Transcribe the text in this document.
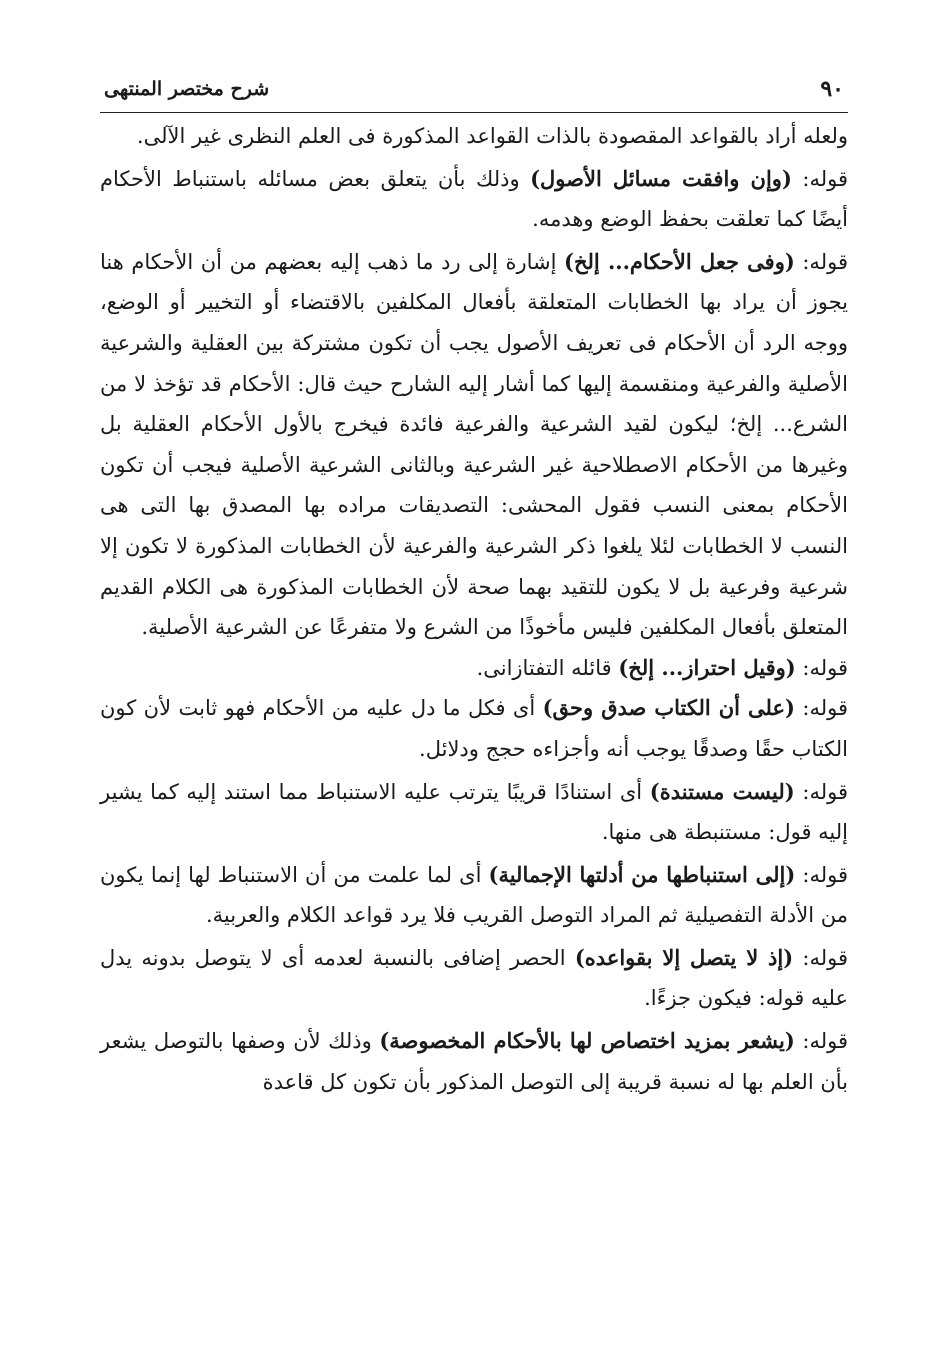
٩٠
شرح مختصر المنتهى

ولعله أراد بالقواعد المقصودة بالذات القواعد المذكورة فى العلم النظرى غير الآلى.

قوله: (وإن وافقت مسائل الأصول) وذلك بأن يتعلق بعض مسائله باستنباط الأحكام أيضًا كما تعلقت بحفظ الوضع وهدمه.

قوله: (وفى جعل الأحكام... إلخ) إشارة إلى رد ما ذهب إليه بعضهم من أن الأحكام هنا يجوز أن يراد بها الخطابات المتعلقة بأفعال المكلفين بالاقتضاء أو التخيير أو الوضع، ووجه الرد أن الأحكام فى تعريف الأصول يجب أن تكون مشتركة بين العقلية والشرعية الأصلية والفرعية ومنقسمة إليها كما أشار إليه الشارح حيث قال: الأحكام قد تؤخذ لا من الشرع... إلخ؛ ليكون لقيد الشرعية والفرعية فائدة فيخرج بالأول الأحكام العقلية بل وغيرها من الأحكام الاصطلاحية غير الشرعية وبالثانى الشرعية الأصلية فيجب أن تكون الأحكام بمعنى النسب فقول المحشى: التصديقات مراده بها المصدق بها التى هى النسب لا الخطابات لئلا يلغوا ذكر الشرعية والفرعية لأن الخطابات المذكورة لا تكون إلا شرعية وفرعية بل لا يكون للتقيد بهما صحة لأن الخطابات المذكورة هى الكلام القديم المتعلق بأفعال المكلفين فليس مأخوذًا من الشرع ولا متفرعًا عن الشرعية الأصلية.

قوله: (وقيل احتراز... إلخ) قائله التفتازانى.

قوله: (على أن الكتاب صدق وحق) أى فكل ما دل عليه من الأحكام فهو ثابت لأن كون الكتاب حقًا وصدقًا يوجب أنه وأجزاءه حجج ودلائل.

قوله: (ليست مستندة) أى استنادًا قريبًا يترتب عليه الاستنباط مما استند إليه كما يشير إليه قول: مستنبطة هى منها.

قوله: (إلى استنباطها من أدلتها الإجمالية) أى لما علمت من أن الاستنباط لها إنما يكون من الأدلة التفصيلية ثم المراد التوصل القريب فلا يرد قواعد الكلام والعربية.

قوله: (إذ لا يتصل إلا بقواعده) الحصر إضافى بالنسبة لعدمه أى لا يتوصل بدونه يدل عليه قوله: فيكون جزءًا.

قوله: (يشعر بمزيد اختصاص لها بالأحكام المخصوصة) وذلك لأن وصفها بالتوصل يشعر بأن العلم بها له نسبة قريبة إلى التوصل المذكور بأن تكون كل قاعدة
